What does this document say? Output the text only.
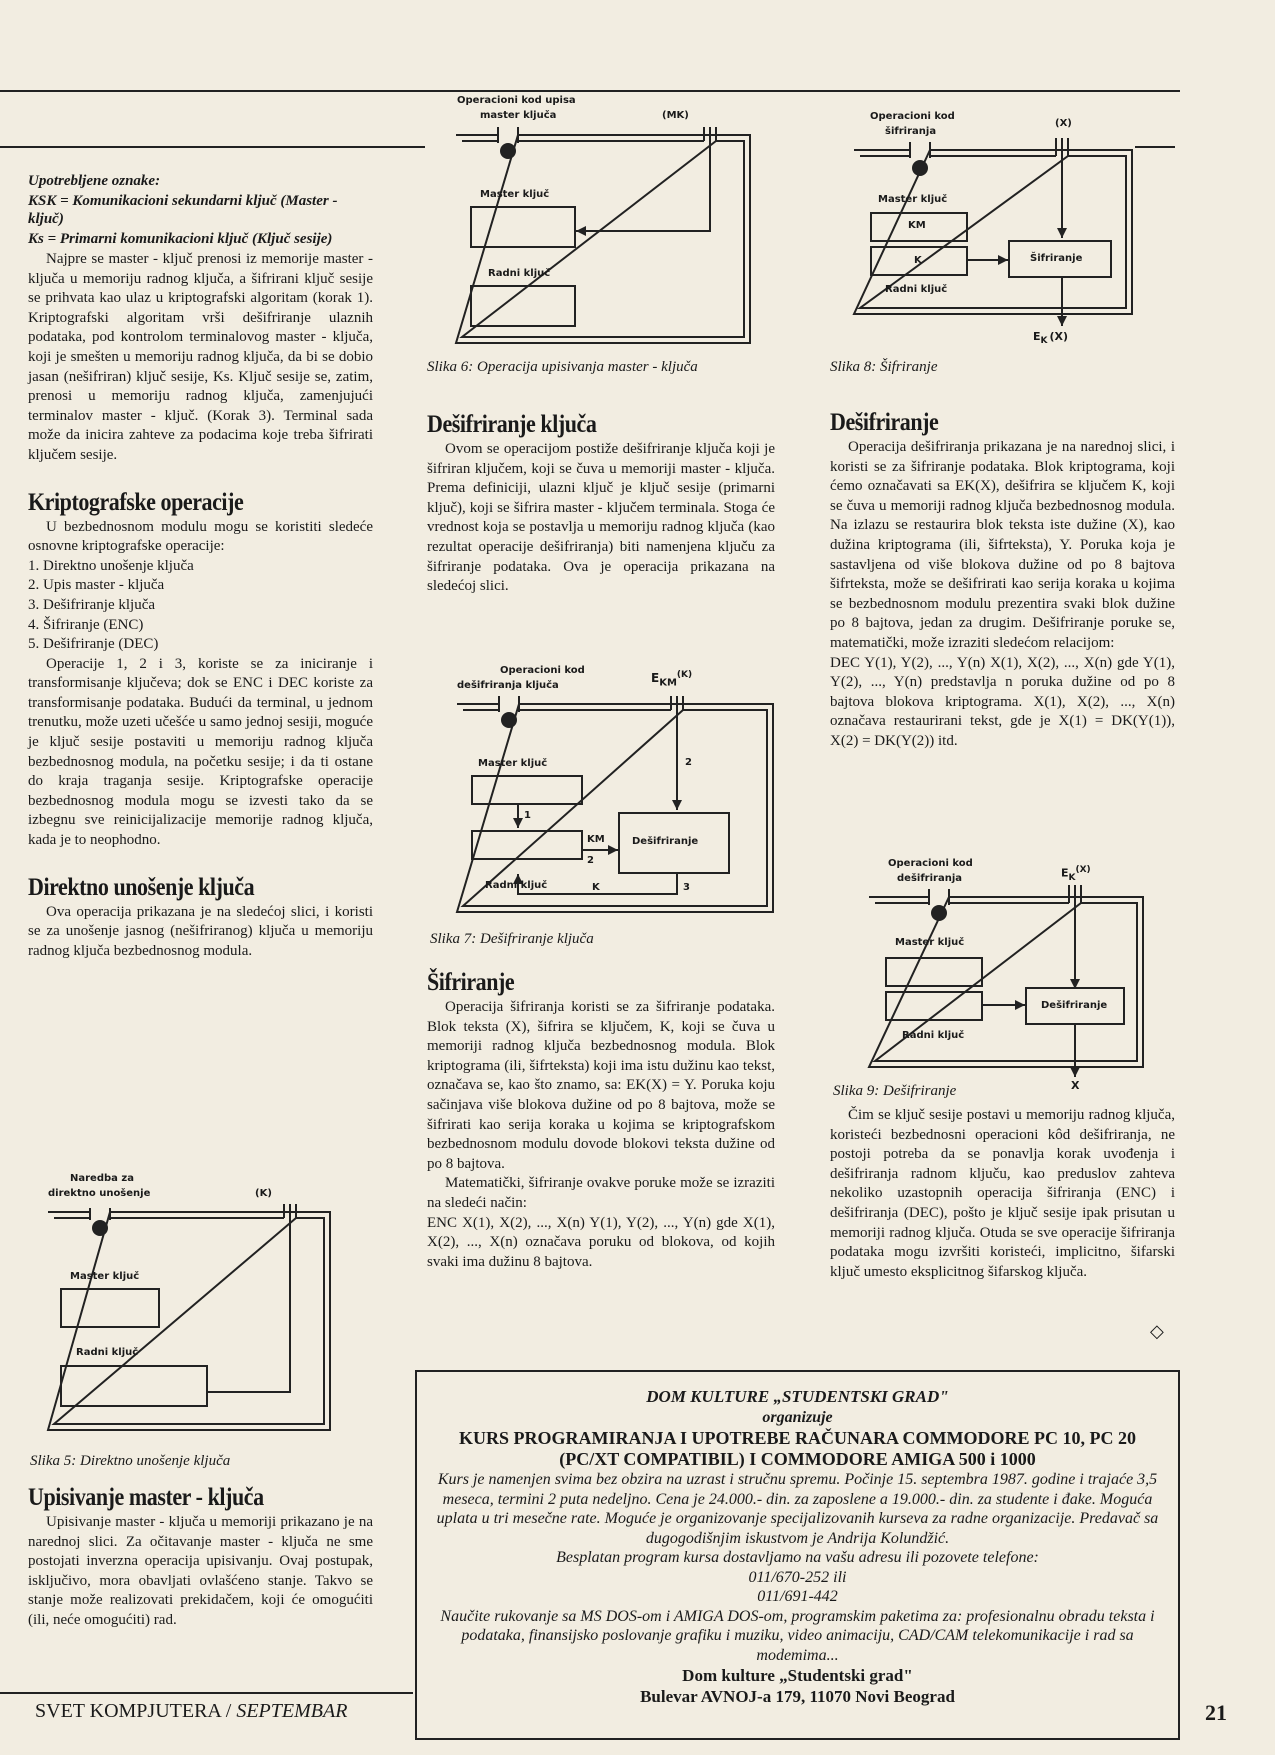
Upotrebljene oznake:
KSK = Komunikacioni sekundarni ključ (Master - ključ)
Ks = Primarni komunikacioni ključ (Ključ sesije)

Najpre se master - ključ prenosi iz memorije master - ključa u memoriju radnog ključa, a šifrirani ključ sesije se prihvata kao ulaz u kriptografski algoritam (korak 1). Kriptografski algoritam vrši dešifriranje ulaznih podataka, pod kontrolom terminalovog master - ključa, koji je smešten u memoriju radnog ključa, da bi se dobio jasan (nešifriran) ključ sesije, Ks. Ključ sesije se, zatim, prenosi u memoriju radnog ključa, zamenjujući terminalov master - ključ. (Korak 3). Terminal sada može da inicira zahteve za podacima koje treba šifrirati ključem sesije.

Kriptografske operacije

U bezbednosnom modulu mogu se koristiti sledeće osnovne kriptografske operacije:

1. Direktno unošenje ključa

2. Upis master - ključa

3. Dešifriranje ključa

4. Šifriranje (ENC)

5. Dešifriranje (DEC)

Operacije 1, 2 i 3, koriste se za iniciranje i transformisanje ključeva; dok se ENC i DEC koriste za transformisanje podataka. Budući da terminal, u jednom trenutku, može uzeti učešće u samo jednoj sesiji, moguće je ključ sesije postaviti u memoriju radnog ključa bezbednosnog modula, na početku sesije; i da ti ostane do kraja traganja sesije. Kriptografske operacije bezbednosnog modula mogu se izvesti tako da se izbegnu sve reinicijalizacije memorije radnog ključa, kada je to neophodno.

Direktno unošenje ključa

Ova operacija prikazana je na sledećoj slici, i koristi se za unošenje jasnog (nešifriranog) ključa u memoriju radnog ključa bezbednosnog modula.

Naredba za
direktno unošenje	(K)
Master ključ
Radni ključ
Slika 5: Direktno unošenje ključa
Upisivanje master - ključa

Upisivanje master - ključa u memoriji prikazano je na narednoj slici. Za očitavanje master - ključa ne sme postojati inverzna operacija upisivanju. Ovaj postupak, isključivo, mora obavljati ovlašćeno stanje. Takvo se stanje može realizovati prekidačem, koji će omogućiti (ili, neće omogućiti) rad.

Operacioni kod upisa
master ključa	(MK)
Master ključ
Radni ključ
Slika 6: Operacija upisivanja master - ključa
Dešifriranje ključa

Ovom se operacijom postiže dešifriranje ključa koji je šifriran ključem, koji se čuva u memoriji master - ključa. Prema definiciji, ulazni ključ je ključ sesije (primarni ključ), koji se šifrira master - ključem terminala. Stoga će vrednost koja se postavlja u memoriju radnog ključa (kao rezultat operacije dešifriranja) biti namenjena ključu za šifriranje podataka. Ova je operacija prikazana na sledećoj slici.

Operacioni kod
dešifriranja ključa
$E_{KM}^{(K)}$
Master ključ
1
KM
2
Dešifriranje
2
Radni ključ	K	3
Slika 7: Dešifriranje ključa
Šifriranje

Operacija šifriranja koristi se za šifriranje podataka. Blok teksta (X), šifrira se ključem, K, koji se čuva u memoriji radnog ključa bezbednosnog modula. Blok kriptograma (ili, šifrteksta) koji ima istu dužinu kao tekst, označava se, kao što znamo, sa: EK(X) = Y. Poruka koju sačinjava više blokova dužine od po 8 bajtova, može se šifrirati kao serija koraka u kojima se kriptografskom bezbednosnom modulu dovode blokovi teksta dužine od po 8 bajtova.

Matematički, šifriranje ovakve poruke može se izraziti na sledeći način:

ENC X(1), X(2), ..., X(n) Y(1), Y(2), ..., Y(n) gde X(1), X(2), ..., X(n) označava poruku od blokova, od kojih svaki ima dužinu 8 bajtova.

Operacioni kod
šifriranja
(X)
Master ključ
KM
K	Šifriranje
Radni ključ
$E_K$ (X)
Slika 8: Šifriranje
Dešifriranje

Operacija dešifriranja prikazana je na narednoj slici, i koristi se za šifriranje podataka. Blok kriptograma, koji ćemo označavati sa EK(X), dešifrira se ključem K, koji se čuva u memoriji radnog ključa bezbednosnog modula. Na izlazu se restaurira blok teksta iste dužine (X), kao dužina kriptograma (ili, šifrteksta), Y. Poruka koja je sastavljena od više blokova dužine od po 8 bajtova šifrteksta, može se dešifrirati kao serija koraka u kojima se bezbednosnom modulu prezentira svaki blok dužine po 8 bajtova, jedan za drugim. Dešifriranje poruke se, matematički, može izraziti sledećom relacijom:

DEC Y(1), Y(2), ..., Y(n) X(1), X(2), ..., X(n) gde Y(1), Y(2), ..., Y(n) predstavlja n poruka dužine od po 8 bajtova blokova kriptograma. X(1), X(2), ..., X(n) označava restaurirani tekst, gde je X(1) = DK(Y(1)), X(2) = DK(Y(2)) itd.

Operacioni kod
dešifriranja	$E_K^{(X)}$
Master ključ
Dešifriranje
Radni ključ
X
Slika 9: Dešifriranje

Čim se ključ sesije postavi u memoriju radnog ključa, koristeći bezbednosni operacioni kôd dešifriranja, ne postoji potreba da se ponavlja korak uvođenja i dešifriranja radnom ključu, kao preduslov zahteva nekoliko uzastopnih operacija šifriranja (ENC) i dešifriranja (DEC), pošto je ključ sesije ipak prisutan u memoriji radnog ključa. Otuda se sve operacije šifriranja podataka mogu izvršiti koristeći, implicitno, šifarski ključ umesto eksplicitnog šifarskog ključa.

◇
DOM KULTURE „STUDENTSKI GRAD"
organizuje
KURS PROGRAMIRANJA I UPOTREBE RAČUNARA COMMODORE PC 10, PC 20 (PC/XT COMPATIBIL) I COMMODORE AMIGA 500 i 1000
Kurs je namenjen svima bez obzira na uzrast i stručnu spremu. Počinje 15. septembra 1987. godine i trajaće 3,5 meseca, termini 2 puta nedeljno. Cena je 24.000.- din. za zaposlene a 19.000.- din. za studente i đake. Moguća uplata u tri mesečne rate. Moguće je organizovanje specijalizovanih kurseva za radne organizacije. Predavač sa dugogodišnjim iskustvom je Andrija Kolundžić.
Besplatan program kursa dostavljamo na vašu adresu ili pozovete telefone:
011/670-252 ili
011/691-442
Naučite rukovanje sa MS DOS-om i AMIGA DOS-om, programskim paketima za: profesionalnu obradu teksta i podataka, finansijsko poslovanje grafiku i muziku, video animaciju, CAD/CAM telekomunikacije i rad sa modemima...
Dom kulture „Studentski grad"
Bulevar AVNOJ-a 179, 11070 Novi Beograd
SVET KOMPJUTERA / SEPTEMBAR	21
